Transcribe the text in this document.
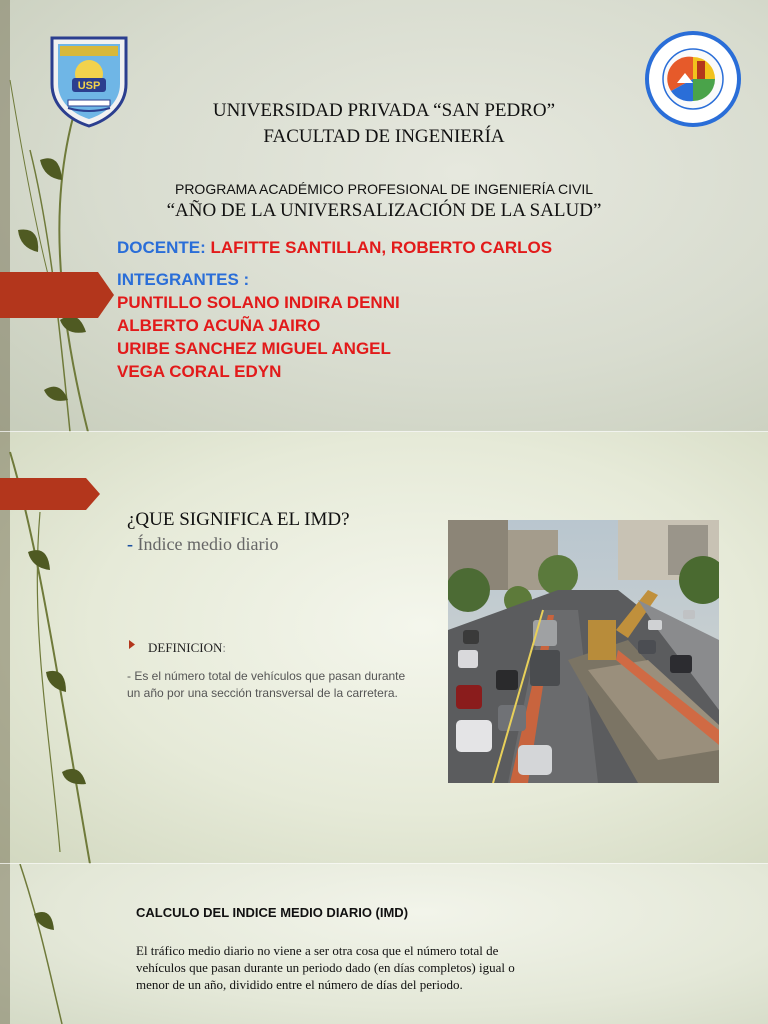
USP
UNIVERSIDAD PRIVADA “SAN PEDRO”
FACULTAD DE INGENIERÍA
PROGRAMA ACADÉMICO PROFESIONAL DE INGENIERÍA CIVIL
“AÑO DE LA UNIVERSALIZACIÓN DE LA SALUD”
DOCENTE: LAFITTE SANTILLAN, ROBERTO CARLOS
INTEGRANTES :
PUNTILLO SOLANO INDIRA DENNI
ALBERTO ACUÑA JAIRO
URIBE SANCHEZ MIGUEL ANGEL
VEGA CORAL EDYN
¿QUE SIGNIFICA EL IMD?
- Índice medio diario
DEFINICION:
- Es el número total de vehículos que pasan durante un año por una sección transversal de la carretera.
CALCULO DEL INDICE MEDIO DIARIO (IMD)
El tráfico medio diario no viene a ser otra cosa que el número total de vehículos que pasan durante un periodo dado (en días completos) igual o menor de un año, dividido entre el número de días del periodo.
